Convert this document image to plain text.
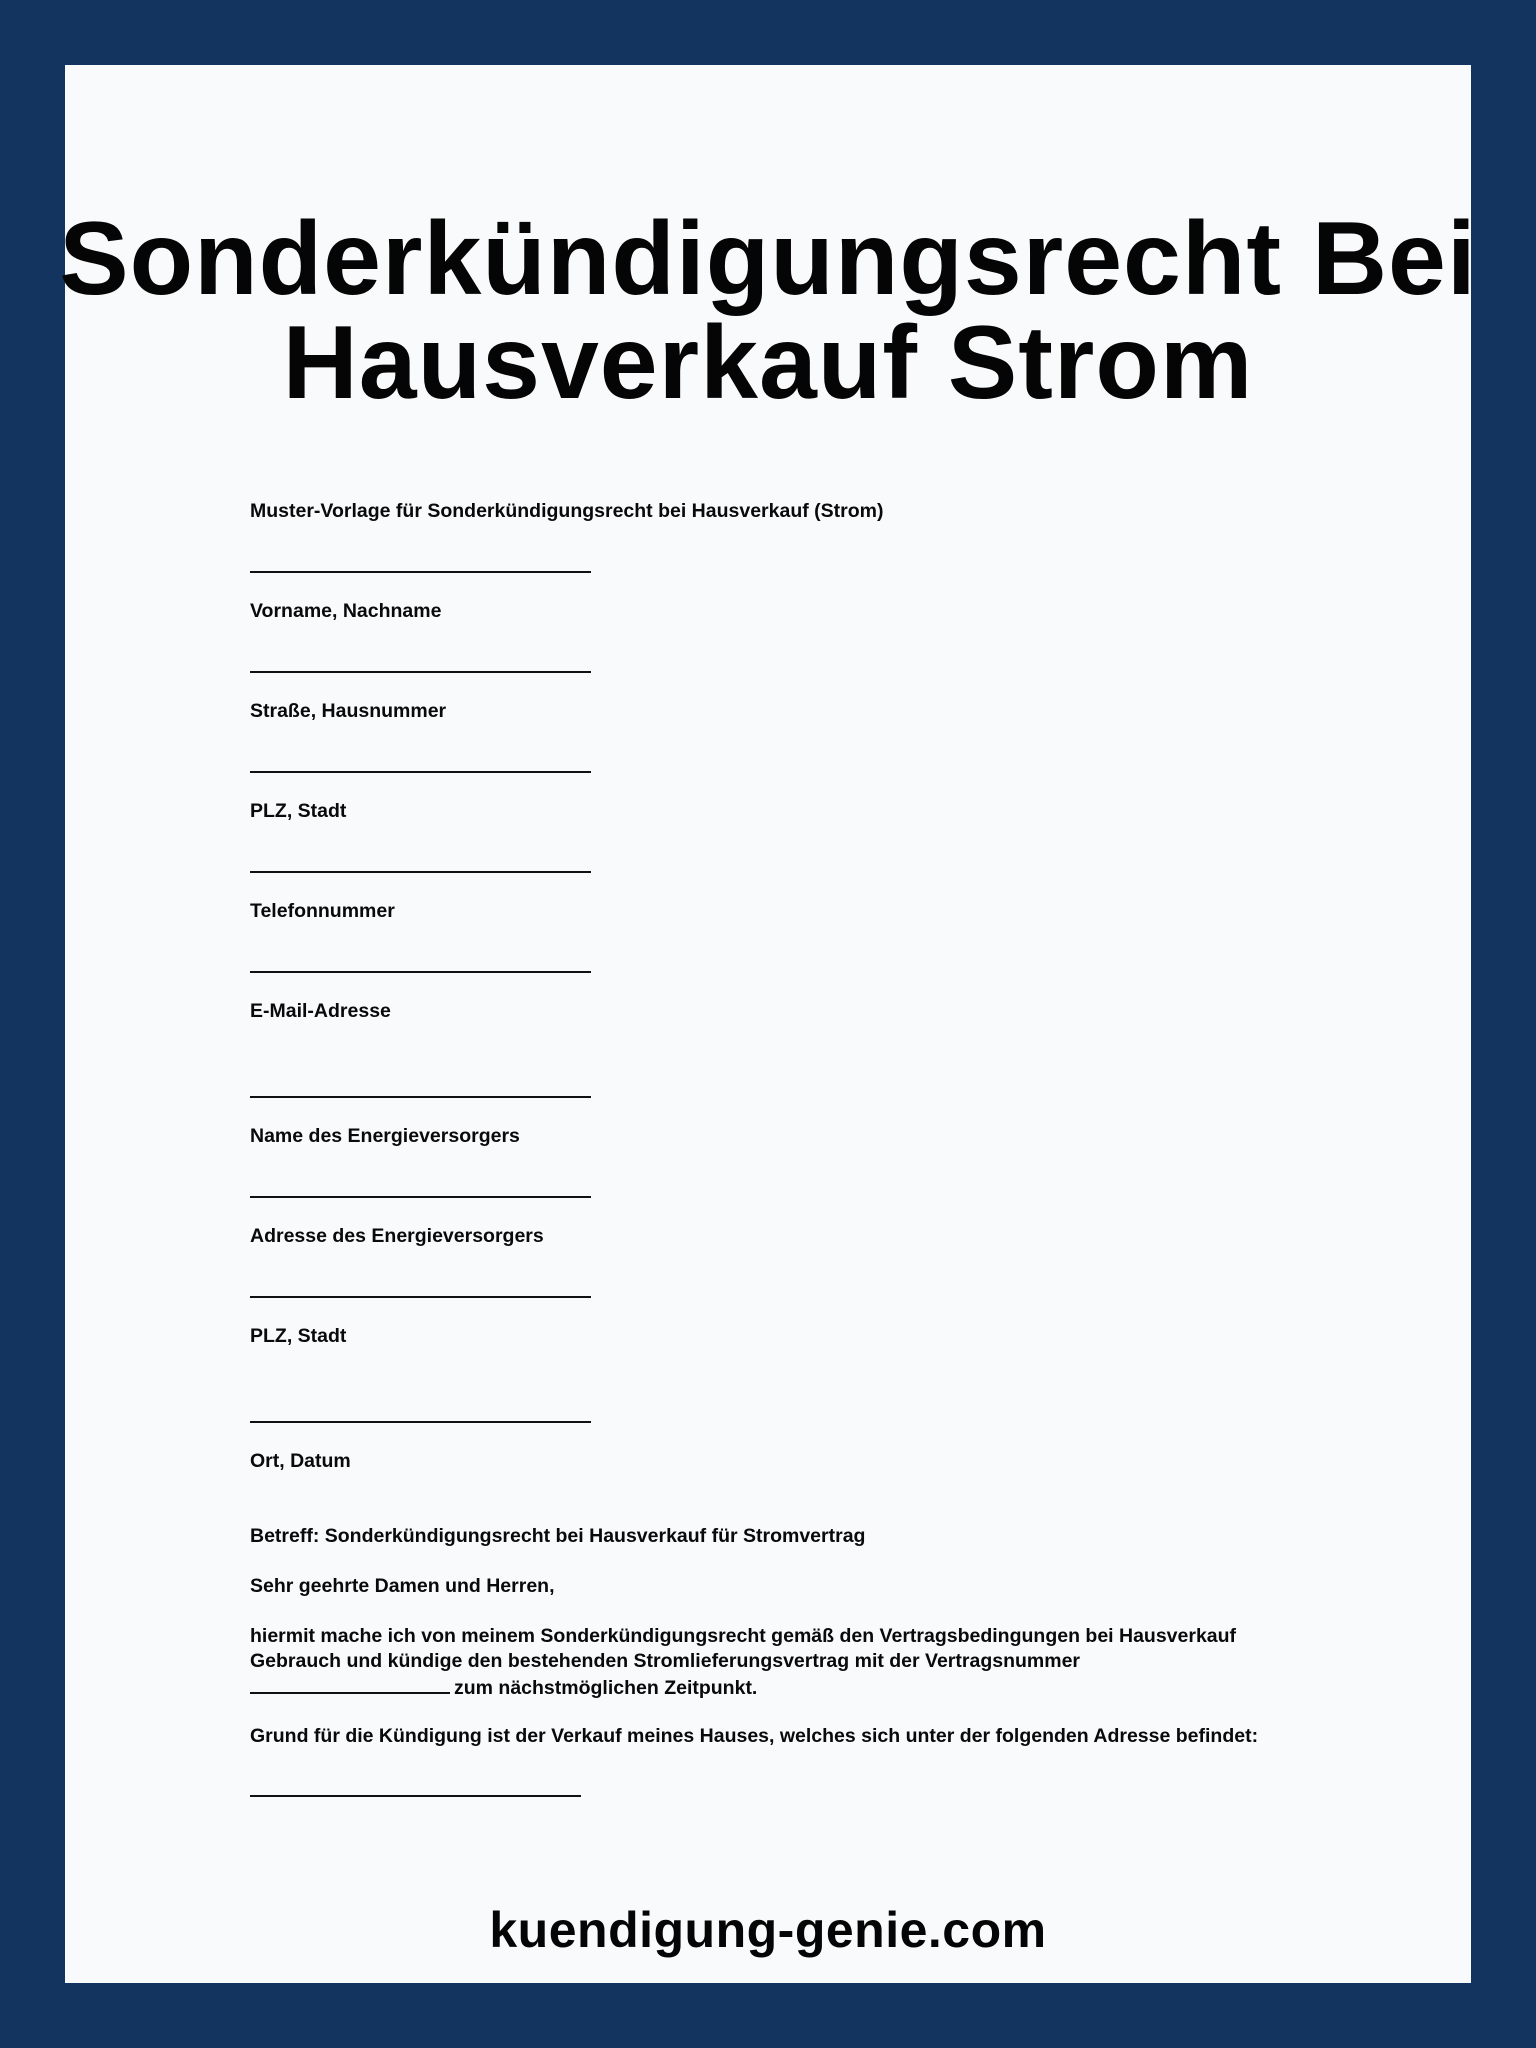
Sonderkündigungsrecht Bei
Hausverkauf Strom
Muster-Vorlage für Sonderkündigungsrecht bei Hausverkauf (Strom)
Vorname, Nachname
Straße, Hausnummer
PLZ, Stadt
Telefonnummer
E-Mail-Adresse
Name des Energieversorgers
Adresse des Energieversorgers
PLZ, Stadt
Ort, Datum
Betreff: Sonderkündigungsrecht bei Hausverkauf für Stromvertrag
Sehr geehrte Damen und Herren,
hiermit mache ich von meinem Sonderkündigungsrecht gemäß den Vertragsbedingungen bei Hausverkauf Gebrauch und kündige den bestehenden Stromlieferungsvertrag mit der Vertragsnummer
zum nächstmöglichen Zeitpunkt.
Grund für die Kündigung ist der Verkauf meines Hauses, welches sich unter der folgenden Adresse befindet:
kuendigung-genie.com
